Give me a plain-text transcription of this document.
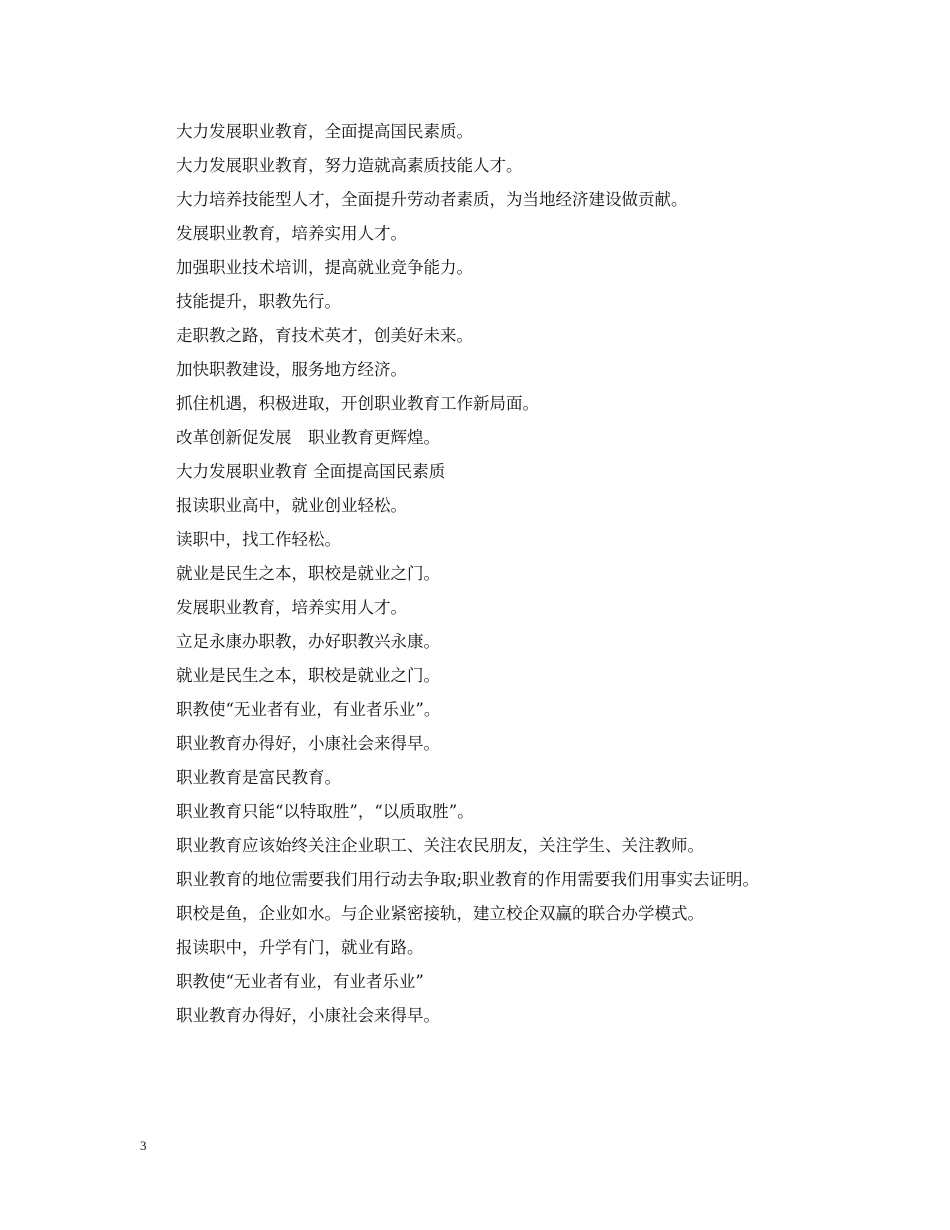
大力发展职业教育，全面提高国民素质。

大力发展职业教育，努力造就高素质技能人才。

大力培养技能型人才，全面提升劳动者素质，为当地经济建设做贡献。

发展职业教育，培养实用人才。

加强职业技术培训，提高就业竞争能力。

技能提升，职教先行。

走职教之路，育技术英才，创美好未来。

加快职教建设，服务地方经济。

抓住机遇，积极进取，开创职业教育工作新局面。

改革创新促发展　职业教育更辉煌。

大力发展职业教育 全面提高国民素质

报读职业高中，就业创业轻松。

读职中，找工作轻松。

就业是民生之本，职校是就业之门。

发展职业教育，培养实用人才。

立足永康办职教，办好职教兴永康。

就业是民生之本，职校是就业之门。

职教使“无业者有业，有业者乐业”。

职业教育办得好，小康社会来得早。

职业教育是富民教育。

职业教育只能“以特取胜”，“以质取胜”。

职业教育应该始终关注企业职工、关注农民朋友，关注学生、关注教师。

职业教育的地位需要我们用行动去争取;职业教育的作用需要我们用事实去证明。

职校是鱼，企业如水。与企业紧密接轨，建立校企双赢的联合办学模式。

报读职中，升学有门，就业有路。

职教使“无业者有业，有业者乐业”

职业教育办得好，小康社会来得早。

3
